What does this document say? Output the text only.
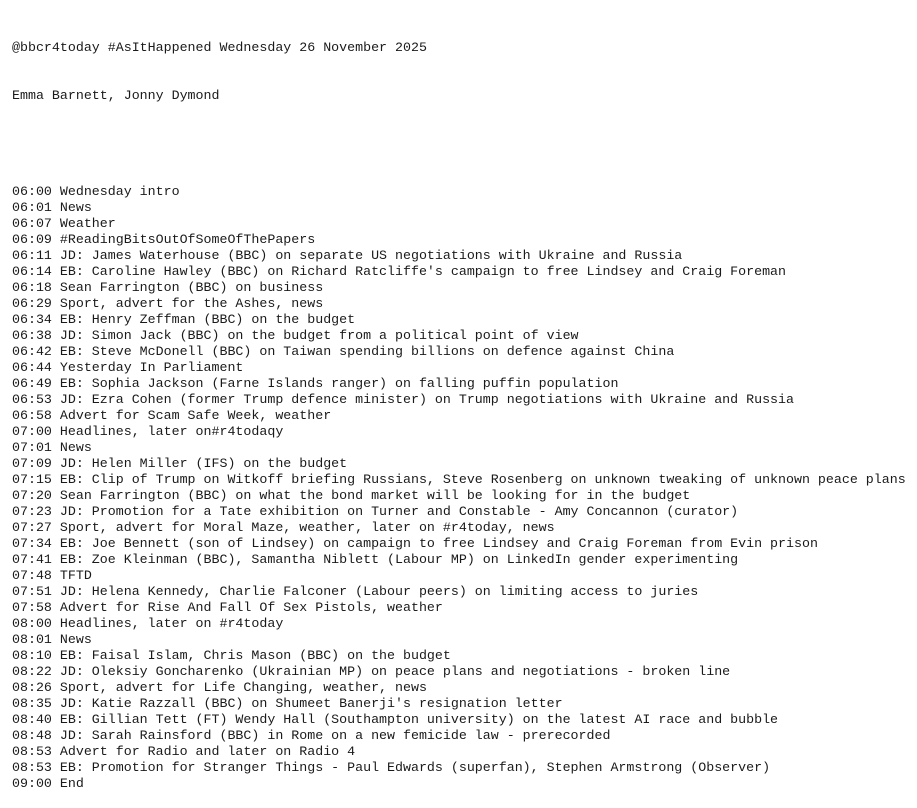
@bbcr4today #AsItHappened Wednesday 26 November 2025

Emma Barnett, Jonny Dymond

06:00 Wednesday intro
06:01 News
06:07 Weather
06:09 #ReadingBitsOutOfSomeOfThePapers
06:11 JD: James Waterhouse (BBC) on separate US negotiations with Ukraine and Russia
06:14 EB: Caroline Hawley (BBC) on Richard Ratcliffe's campaign to free Lindsey and Craig Foreman
06:18 Sean Farrington (BBC) on business
06:29 Sport, advert for the Ashes, news
06:34 EB: Henry Zeffman (BBC) on the budget
06:38 JD: Simon Jack (BBC) on the budget from a political point of view
06:42 EB: Steve McDonell (BBC) on Taiwan spending billions on defence against China
06:44 Yesterday In Parliament
06:49 EB: Sophia Jackson (Farne Islands ranger) on falling puffin population
06:53 JD: Ezra Cohen (former Trump defence minister) on Trump negotiations with Ukraine and Russia
06:58 Advert for Scam Safe Week, weather
07:00 Headlines, later on#r4todaqy
07:01 News
07:09 JD: Helen Miller (IFS) on the budget
07:15 EB: Clip of Trump on Witkoff briefing Russians, Steve Rosenberg on unknown tweaking of unknown peace plans
07:20 Sean Farrington (BBC) on what the bond market will be looking for in the budget
07:23 JD: Promotion for a Tate exhibition on Turner and Constable - Amy Concannon (curator)
07:27 Sport, advert for Moral Maze, weather, later on #r4today, news
07:34 EB: Joe Bennett (son of Lindsey) on campaign to free Lindsey and Craig Foreman from Evin prison
07:41 EB: Zoe Kleinman (BBC), Samantha Niblett (Labour MP) on LinkedIn gender experimenting
07:48 TFTD
07:51 JD: Helena Kennedy, Charlie Falconer (Labour peers) on limiting access to juries
07:58 Advert for Rise And Fall Of Sex Pistols, weather
08:00 Headlines, later on #r4today
08:01 News
08:10 EB: Faisal Islam, Chris Mason (BBC) on the budget
08:22 JD: Oleksiy Goncharenko (Ukrainian MP) on peace plans and negotiations - broken line
08:26 Sport, advert for Life Changing, weather, news
08:35 JD: Katie Razzall (BBC) on Shumeet Banerji's resignation letter
08:40 EB: Gillian Tett (FT) Wendy Hall (Southampton university) on the latest AI race and bubble
08:48 JD: Sarah Rainsford (BBC) in Rome on a new femicide law - prerecorded
08:53 Advert for Radio and later on Radio 4
08:53 EB: Promotion for Stranger Things - Paul Edwards (superfan), Stephen Armstrong (Observer)
09:00 End
